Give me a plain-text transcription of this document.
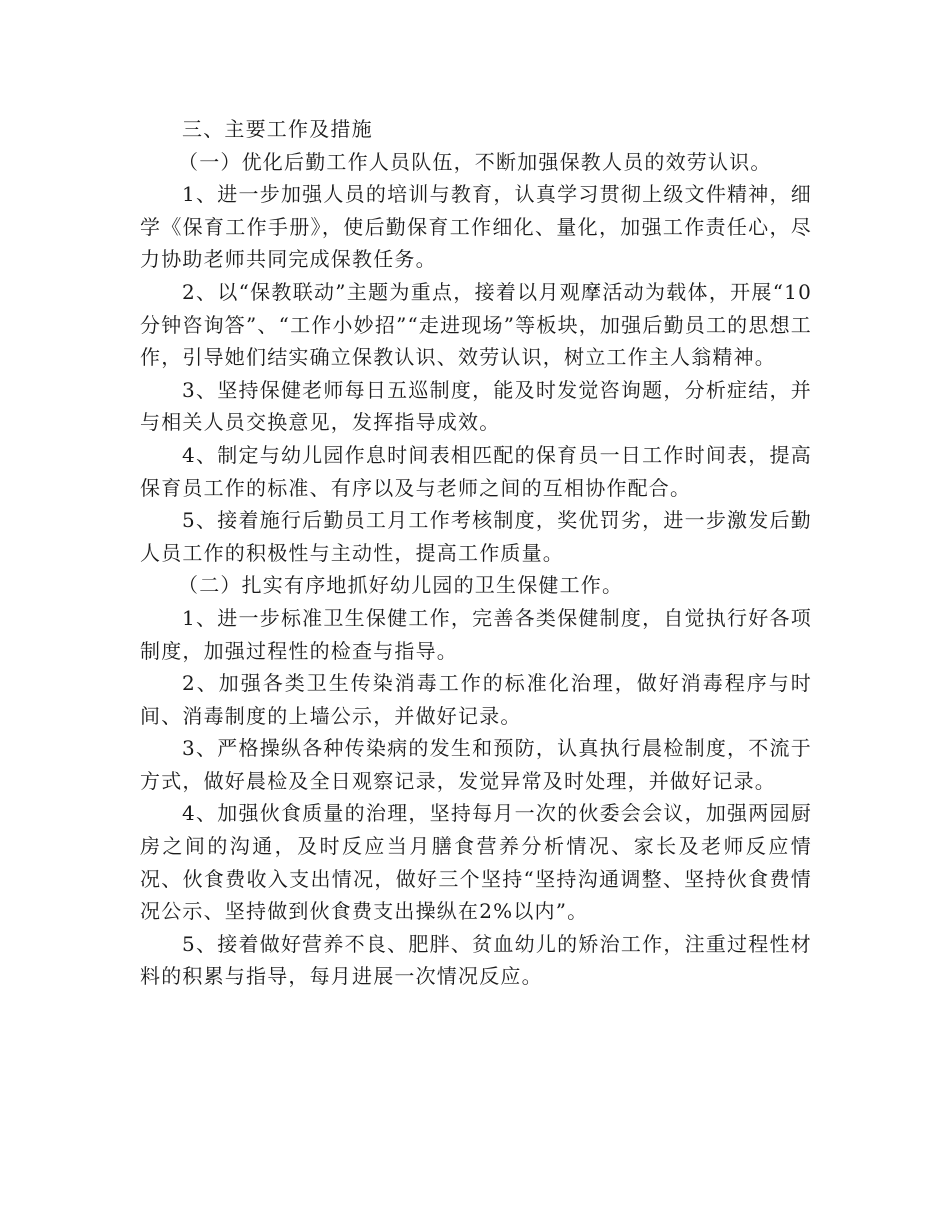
三、主要工作及措施

（一）优化后勤工作人员队伍，不断加强保教人员的效劳认识。

1、进一步加强人员的培训与教育，认真学习贯彻上级文件精神，细学《保育工作手册》，使后勤保育工作细化、量化，加强工作责任心，尽力协助老师共同完成保教任务。

2、以“保教联动”主题为重点，接着以月观摩活动为载体，开展“10分钟咨询答”、“工作小妙招”“走进现场”等板块，加强后勤员工的思想工作，引导她们结实确立保教认识、效劳认识，树立工作主人翁精神。

3、坚持保健老师每日五巡制度，能及时发觉咨询题，分析症结，并与相关人员交换意见，发挥指导成效。

4、制定与幼儿园作息时间表相匹配的保育员一日工作时间表，提高保育员工作的标准、有序以及与老师之间的互相协作配合。

5、接着施行后勤员工月工作考核制度，奖优罚劣，进一步激发后勤人员工作的积极性与主动性，提高工作质量。

（二）扎实有序地抓好幼儿园的卫生保健工作。

1、进一步标准卫生保健工作，完善各类保健制度，自觉执行好各项制度，加强过程性的检查与指导。

2、加强各类卫生传染消毒工作的标准化治理，做好消毒程序与时间、消毒制度的上墙公示，并做好记录。

3、严格操纵各种传染病的发生和预防，认真执行晨检制度，不流于方式，做好晨检及全日观察记录，发觉异常及时处理，并做好记录。

4、加强伙食质量的治理，坚持每月一次的伙委会会议，加强两园厨房之间的沟通，及时反应当月膳食营养分析情况、家长及老师反应情况、伙食费收入支出情况，做好三个坚持“坚持沟通调整、坚持伙食费情况公示、坚持做到伙食费支出操纵在2%以内”。

5、接着做好营养不良、肥胖、贫血幼儿的矫治工作，注重过程性材料的积累与指导，每月进展一次情况反应。
